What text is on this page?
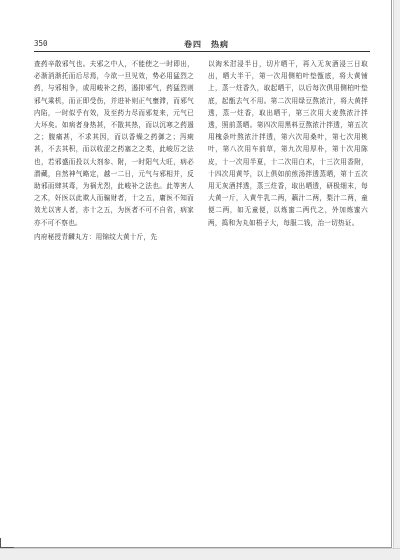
350	卷四　热病

查药辛散邪气也。夫邪之中人，不能使之一时即出，必渐消渐托而后尽焉，今欲一旦见效，势必用猛烈之药，与邪相争，或用峻补之药，遏抑邪气，药猛烈则邪气乘机，而正即受伤，并进补则正气壅滞，而邪气内陷，一时似乎有效，及至药力尽而邪复来，元气已大坏矣。如病者身热甚，不散其热，而以沉寒之药遏之；腹痛甚，不求其因，而以香燥之药御之；泻痢甚，不去其积，而以收涩之药塞之之类，此峻厉之法也，若邪盛而投以大剂参、附，一时阳气大旺，病必潜藏，自然神气略定，越一二日，元气与邪相并，反助邪而肆其毒，为祸尤烈，此峻补之法也。此等害人之术，奸医以此欺人而骗财者，十之五，庸医不知而效尤以害人者，亦十之五，为医者不可不自省，病家亦不可不察也。

内府秘授青麟丸方：用锦纹大黄十斤，先

以淘米泔浸半日，切片晒干，再入无灰酒浸三日取出，晒大半干，第一次用侧柏叶垫甑底，将大黄铺上，蒸一炷香久，取起晒干，以后每次俱用侧柏叶垫底，起甑去气不用。第二次用绿豆熬浓汁，将大黄拌透，蒸一炷香，取出晒干，第三次用大麦熬浓汁拌透，照前蒸晒。第四次用黑料豆熬浓汁拌透，第五次用槐条叶熬浓汁拌透，第六次用桑叶，第七次用桃叶，第八次用车前草，第九次用厚朴，第十次用陈皮，十一次用半夏，十二次用白术，十三次用香附，十四次用黄芩，以上俱如前煎汤拌透蒸晒，第十五次用无灰酒拌透，蒸三炷香，取出晒透，研极细末，每大黄一斤，入黄牛乳二两，藕汁二两，梨汁二两，童便二两，如无童便，以炼蜜二两代之，外加炼蜜六两，捣和为丸如梧子大，每服二钱，治一切热证。
